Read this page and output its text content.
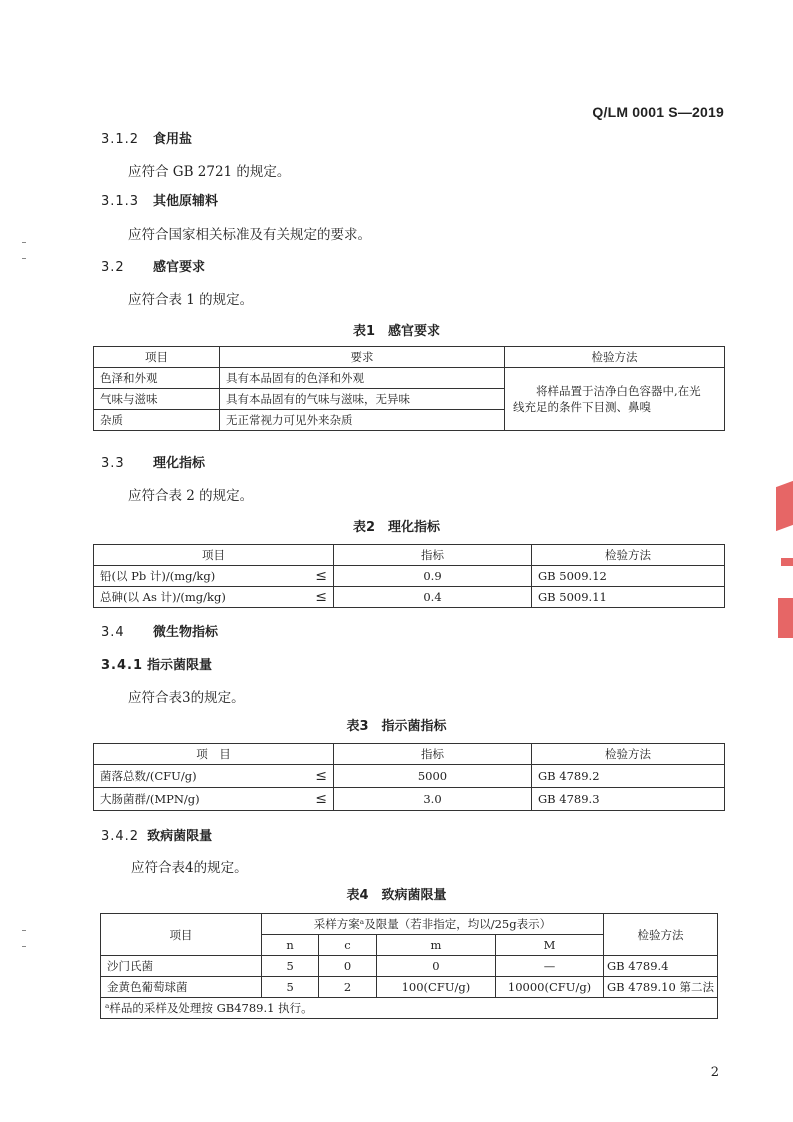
Q/LM 0001 S—2019
3.1.2 食用盐
应符合 GB 2721 的规定。
3.1.3 其他原辅料
应符合国家相关标准及有关规定的要求。
3.2 感官要求
应符合表 1 的规定。
表1　感官要求
项目	要求	检验方法
色泽和外观	具有本品固有的色泽和外观	将样品置于洁净白色容器中,在光
线充足的条件下目测、鼻嗅

气味与滋味	具有本品固有的气味与滋味，无异味	
杂质	无正常视力可见外来杂质	
3.3 理化指标
应符合表 2 的规定。
表2　理化指标
项目		指标	检验方法
铅(以 Pb 计)/(mg/kg)	≤	0.9	GB 5009.12
总砷(以 As 计)/(mg/kg)	≤	0.4	GB 5009.11
3.4 微生物指标
3.4.1 指示菌限量
应符合表3的规定。
表3　指示菌指标
项　目		指标	检验方法
菌落总数/(CFU/g)	≤	5000	GB 4789.2
大肠菌群/(MPN/g)	≤	3.0	GB 4789.3
3.4.2 致病菌限量
应符合表4的规定。
表4　致病菌限量
项目	采样方案ᵃ及限量（若非指定，均以/25g表示）				检验方法
	n	c	m	M	
沙门氏菌	5	0	0	—	GB 4789.4
金黄色葡萄球菌	5	2	100(CFU/g)	10000(CFU/g)	GB 4789.10 第二法
ᵃ样品的采样及处理按 GB4789.1 执行。					
2
